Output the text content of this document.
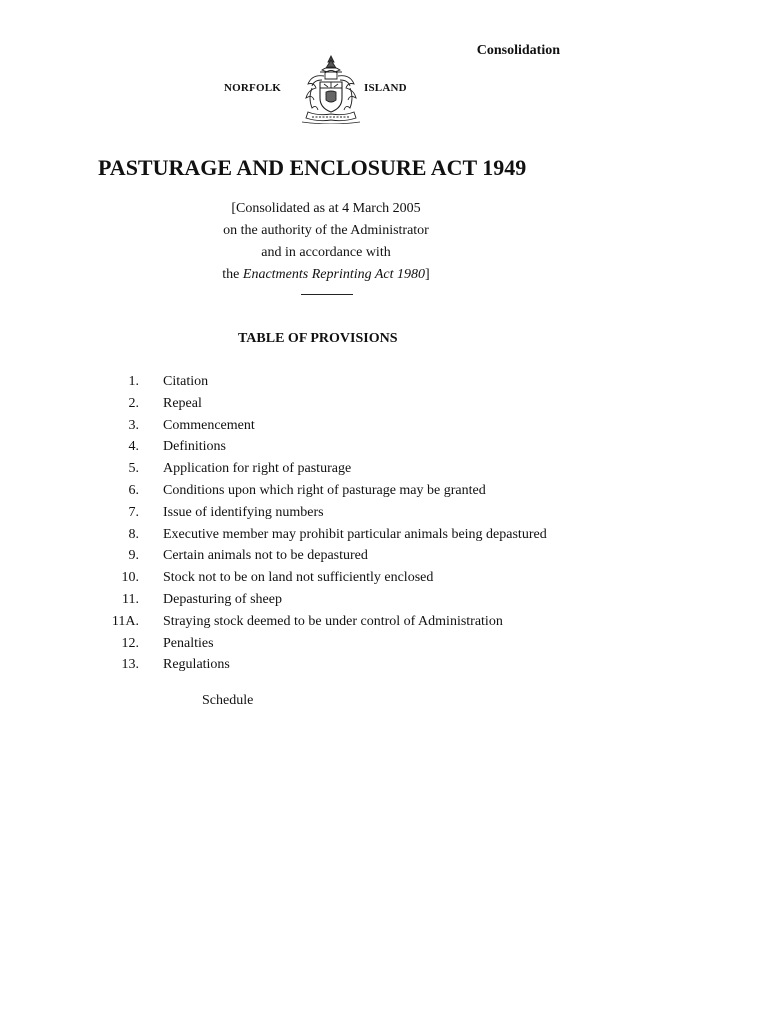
Consolidation
NORFOLK	ISLAND
PASTURAGE AND ENCLOSURE ACT 1949
[Consolidated as at 4 March 2005
on the authority of the Administrator
and in accordance with
the Enactments Reprinting Act 1980]
TABLE OF PROVISIONS
1. Citation
2. Repeal
3. Commencement
4. Definitions
5. Application for right of pasturage
6. Conditions upon which right of pasturage may be granted
7. Issue of identifying numbers
8. Executive member may prohibit particular animals being depastured
9. Certain animals not to be depastured
10. Stock not to be on land not sufficiently enclosed
11. Depasturing of sheep
11A. Straying stock deemed to be under control of Administration
12. Penalties
13. Regulations
Schedule
